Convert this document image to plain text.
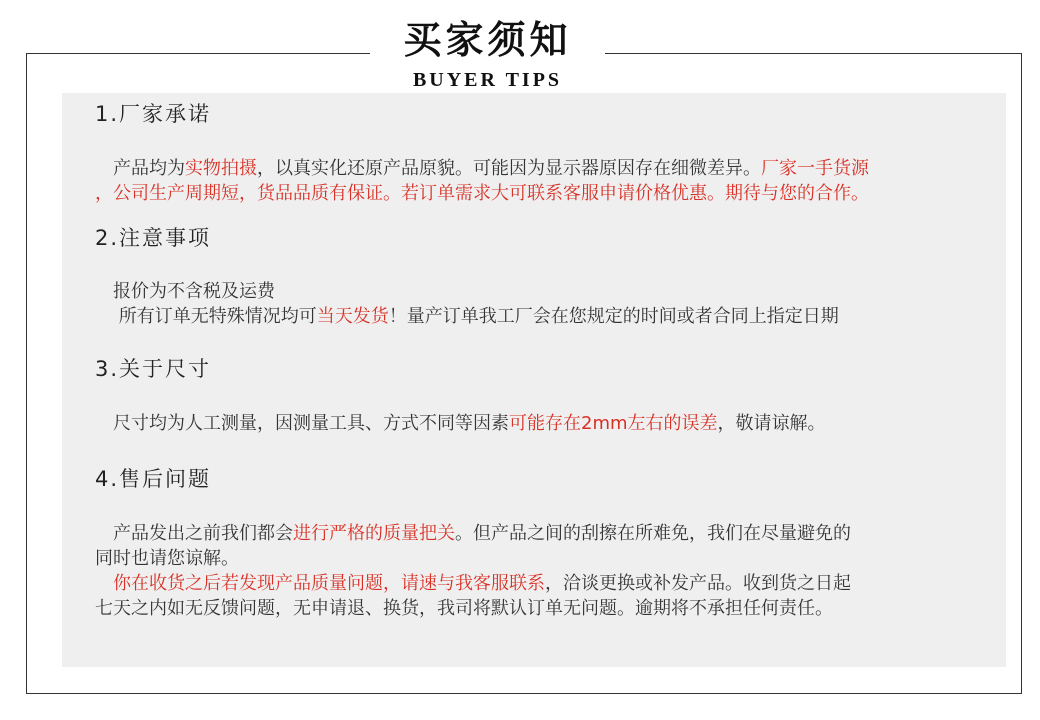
买家须知
BUYER TIPS
1.厂家承诺
　产品均为实物拍摄，以真实化还原产品原貌。可能因为显示器原因存在细微差异。厂家一手货源
，公司生产周期短，货品品质有保证。若订单需求大可联系客服申请价格优惠。期待与您的合作。
2.注意事项
　报价为不含税及运费
　 所有订单无特殊情况均可当天发货！量产订单我工厂会在您规定的时间或者合同上指定日期
3.关于尺寸
　尺寸均为人工测量，因测量工具、方式不同等因素可能存在2mm左右的误差，敬请谅解。
4.售后问题
　产品发出之前我们都会进行严格的质量把关。但产品之间的刮擦在所难免，我们在尽量避免的
同时也请您谅解。
　你在收货之后若发现产品质量问题，请速与我客服联系，洽谈更换或补发产品。收到货之日起
七天之内如无反馈问题，无申请退、换货，我司将默认订单无问题。逾期将不承担任何责任。
